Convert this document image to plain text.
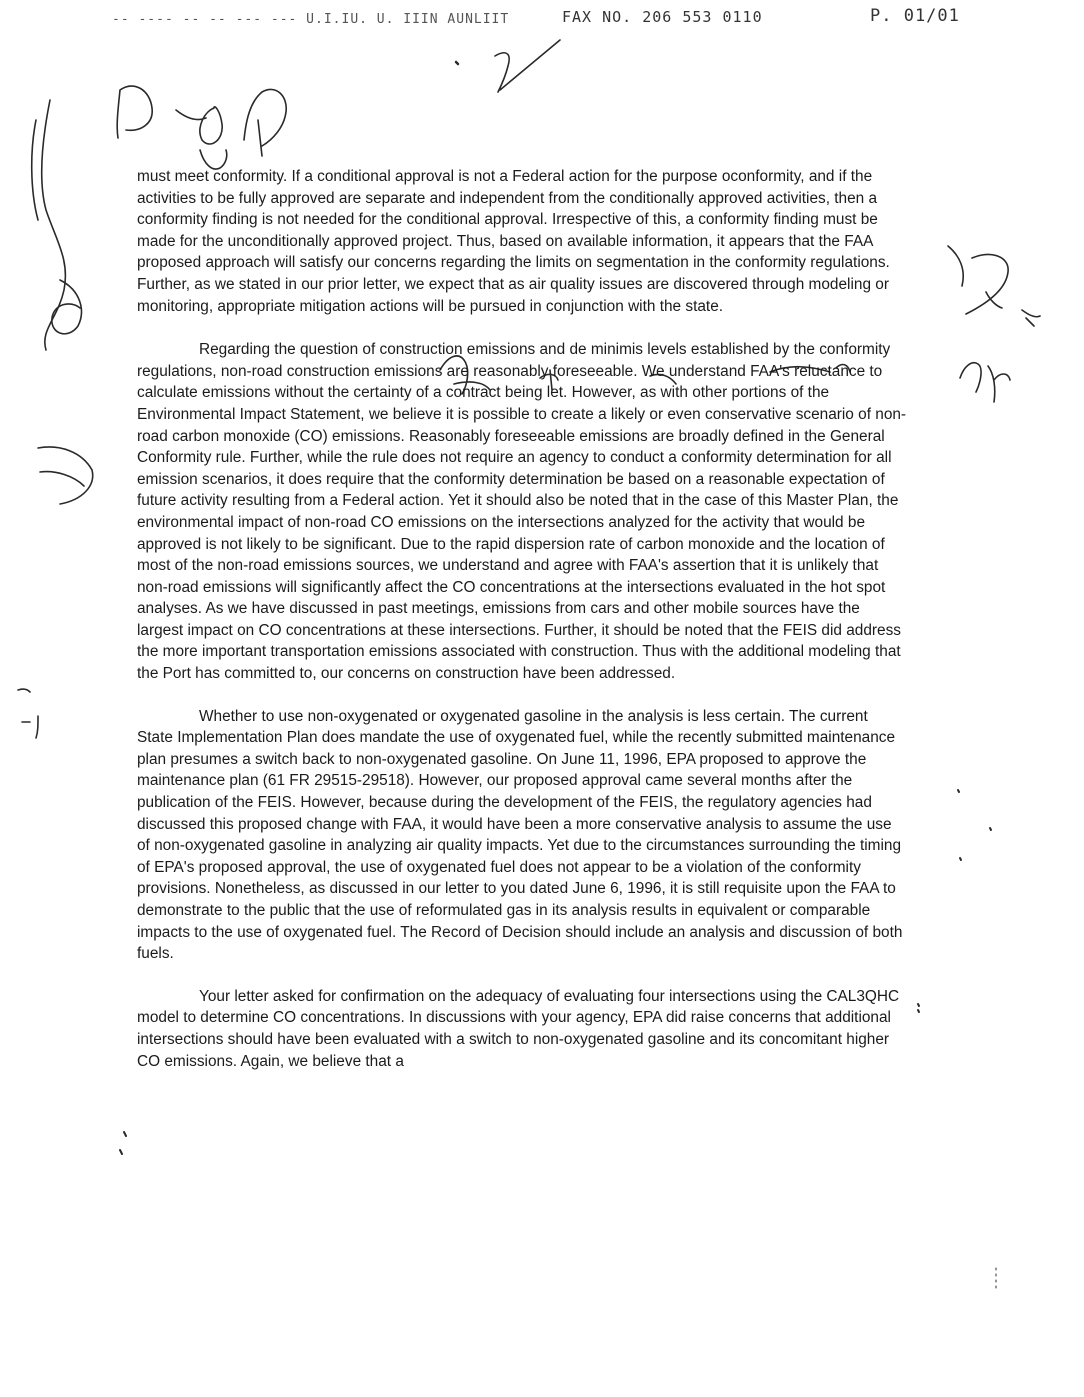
-- ---- -- -- --- --- U.I.IU. U. IIIN AUNLIIT	FAX NO. 206 553 0110	P. 01/01

must meet conformity. If a conditional approval is not a Federal action for the purpose oconformity, and if the activities to be fully approved are separate and independent from the conditionally approved activities, then a conformity finding is not needed for the conditional approval. Irrespective of this, a conformity finding must be made for the unconditionally approved project. Thus, based on available information, it appears that the FAA proposed approach will satisfy our concerns regarding the limits on segmentation in the conformity regulations. Further, as we stated in our prior letter, we expect that as air quality issues are discovered through modeling or monitoring, appropriate mitigation actions will be pursued in conjunction with the state.

Regarding the question of construction emissions and de minimis levels established by the conformity regulations, non-road construction emissions are reasonably foreseeable. We understand FAA's reluctance to calculate emissions without the certainty of a contract being let. However, as with other portions of the Environmental Impact Statement, we believe it is possible to create a likely or even conservative scenario of non-road carbon monoxide (CO) emissions. Reasonably foreseeable emissions are broadly defined in the General Conformity rule. Further, while the rule does not require an agency to conduct a conformity determination for all emission scenarios, it does require that the conformity determination be based on a reasonable expectation of future activity resulting from a Federal action. Yet it should also be noted that in the case of this Master Plan, the environmental impact of non-road CO emissions on the intersections analyzed for the activity that would be approved is not likely to be significant. Due to the rapid dispersion rate of carbon monoxide and the location of most of the non-road emissions sources, we understand and agree with FAA's assertion that it is unlikely that non-road emissions will significantly affect the CO concentrations at the intersections evaluated in the hot spot analyses. As we have discussed in past meetings, emissions from cars and other mobile sources have the largest impact on CO concentrations at these intersections. Further, it should be noted that the FEIS did address the more important transportation emissions associated with construction. Thus with the additional modeling that the Port has committed to, our concerns on construction have been addressed.

Whether to use non-oxygenated or oxygenated gasoline in the analysis is less certain. The current State Implementation Plan does mandate the use of oxygenated fuel, while the recently submitted maintenance plan presumes a switch back to non-oxygenated gasoline. On June 11, 1996, EPA proposed to approve the maintenance plan (61 FR 29515-29518). However, our proposed approval came several months after the publication of the FEIS. However, because during the development of the FEIS, the regulatory agencies had discussed this proposed change with FAA, it would have been a more conservative analysis to assume the use of non-oxygenated gasoline in analyzing air quality impacts. Yet due to the circumstances surrounding the timing of EPA's proposed approval, the use of oxygenated fuel does not appear to be a violation of the conformity provisions. Nonetheless, as discussed in our letter to you dated June 6, 1996, it is still requisite upon the FAA to demonstrate to the public that the use of reformulated gas in its analysis results in equivalent or comparable impacts to the use of oxygenated fuel. The Record of Decision should include an analysis and discussion of both fuels.

Your letter asked for confirmation on the adequacy of evaluating four intersections using the CAL3QHC model to determine CO concentrations. In discussions with your agency, EPA did raise concerns that additional intersections should have been evaluated with a switch to non-oxygenated gasoline and its concomitant higher CO emissions. Again, we believe that a
